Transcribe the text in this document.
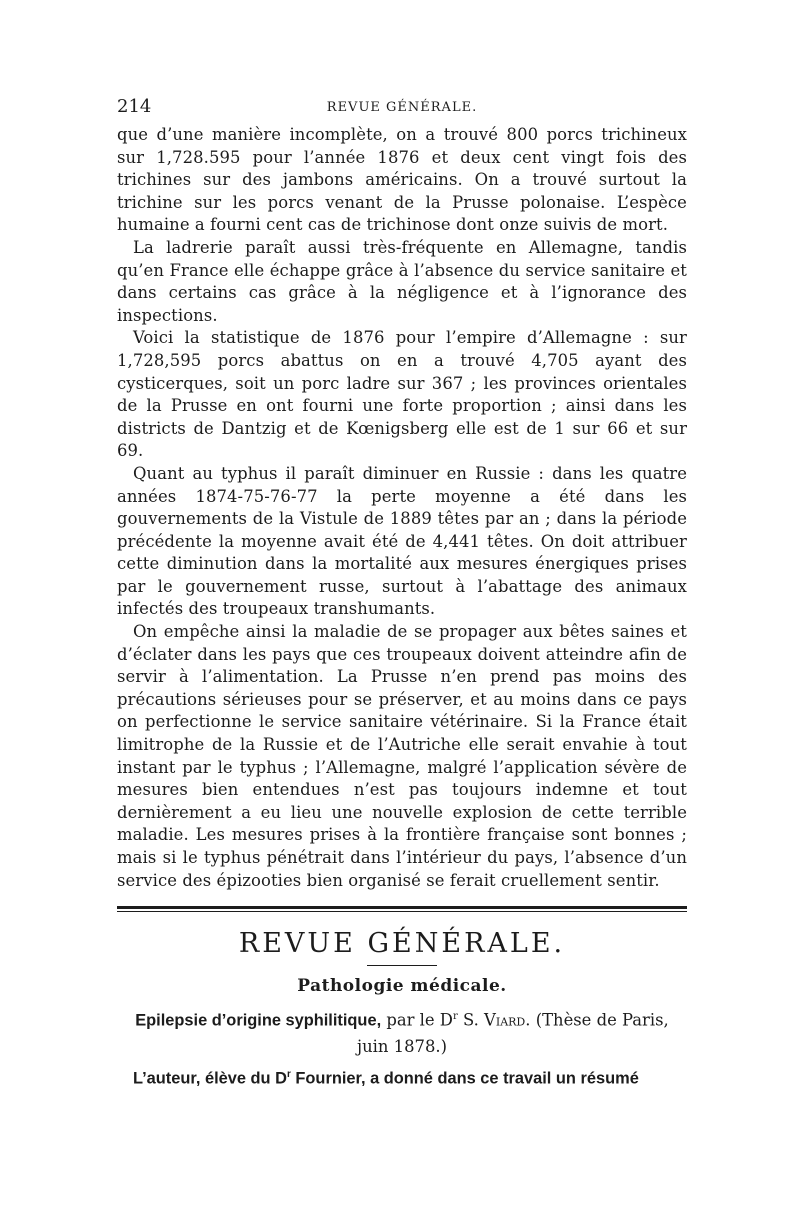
214	REVUE GÉNÉRALE.

que d’une manière incomplète, on a trouvé 800 porcs trichineux sur 1,728.595 pour l’année 1876 et deux cent vingt fois des trichines sur des jambons américains. On a trouvé surtout la trichine sur les porcs venant de la Prusse polonaise. L’espèce humaine a fourni cent cas de trichinose dont onze suivis de mort.

La ladrerie paraît aussi très-fréquente en Allemagne, tandis qu’en France elle échappe grâce à l’absence du service sanitaire et dans certains cas grâce à la négligence et à l’ignorance des inspections.

Voici la statistique de 1876 pour l’empire d’Allemagne : sur 1,728,595 porcs abattus on en a trouvé 4,705 ayant des cysticerques, soit un porc ladre sur 367 ; les provinces orientales de la Prusse en ont fourni une forte proportion ; ainsi dans les districts de Dantzig et de Kœnigsberg elle est de 1 sur 66 et sur 69.

Quant au typhus il paraît diminuer en Russie : dans les quatre années 1874-75-76-77 la perte moyenne a été dans les gouvernements de la Vistule de 1889 têtes par an ; dans la période précédente la moyenne avait été de 4,441 têtes. On doit attribuer cette diminution dans la mortalité aux mesures énergiques prises par le gouvernement russe, surtout à l’abattage des animaux infectés des troupeaux transhumants.

On empêche ainsi la maladie de se propager aux bêtes saines et d’éclater dans les pays que ces troupeaux doivent atteindre afin de servir à l’alimentation. La Prusse n’en prend pas moins des précautions sérieuses pour se préserver, et au moins dans ce pays on perfectionne le service sanitaire vétérinaire. Si la France était limitrophe de la Russie et de l’Autriche elle serait envahie à tout instant par le typhus ; l’Allemagne, malgré l’application sévère de mesures bien entendues n’est pas toujours indemne et tout dernièrement a eu lieu une nouvelle explosion de cette terrible maladie. Les mesures prises à la frontière française sont bonnes ; mais si le typhus pénétrait dans l’intérieur du pays, l’absence d’un service des épizooties bien organisé se ferait cruellement sentir.

REVUE GÉNÉRALE.
Pathologie médicale.
Epilepsie d’origine syphilitique, par le $D^r$ S. Viard. (Thèse de Paris, juin 1878.)
L’auteur, élève du $D^r$ Fournier, a donné dans ce travail un résumé
